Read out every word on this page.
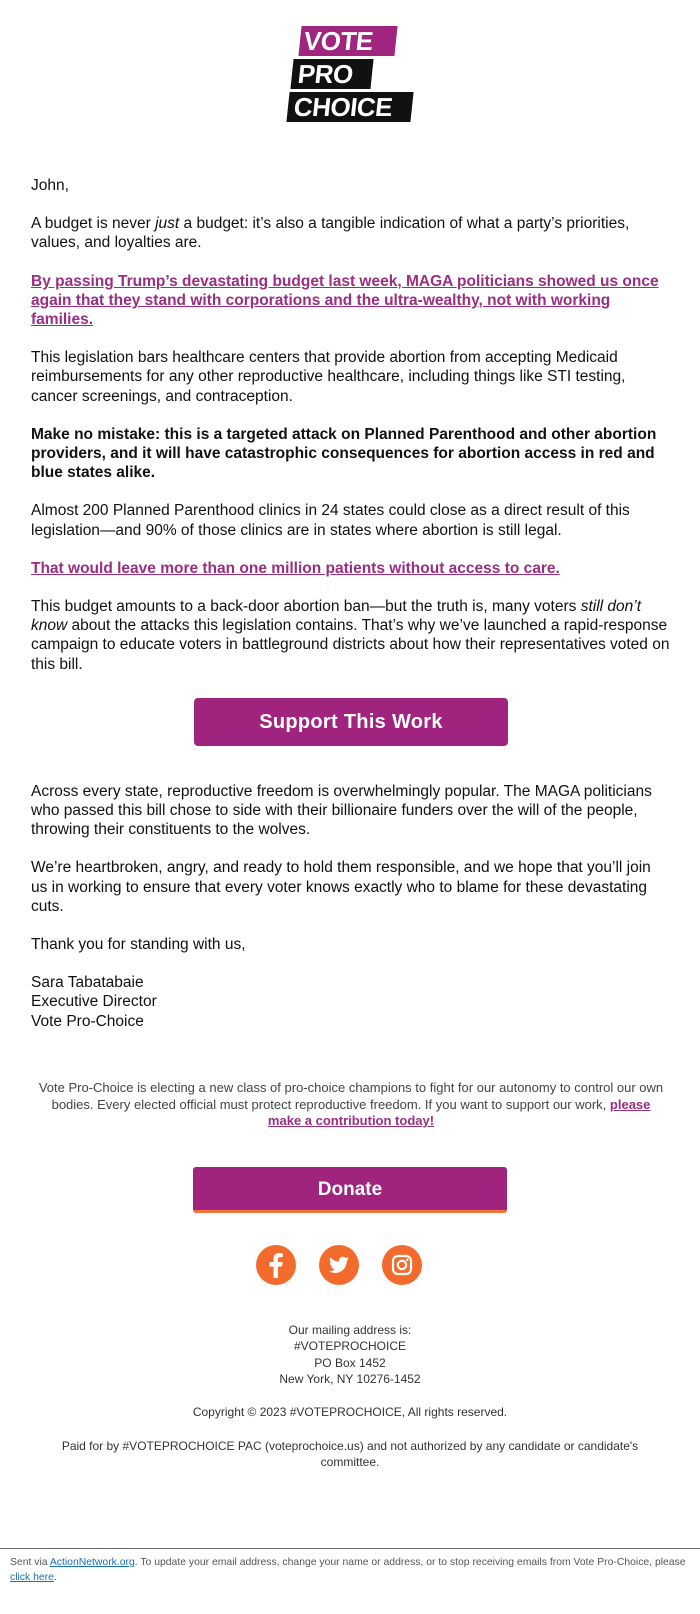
VOTE
PRO
CHOICE

John,

A budget is never just a budget: it’s also a tangible indication of what a party’s priorities, values, and loyalties are.

By passing Trump’s devastating budget last week, MAGA politicians showed us once again that they stand with corporations and the ultra-wealthy, not with working families.

This legislation bars healthcare centers that provide abortion from accepting Medicaid reimbursements for any other reproductive healthcare, including things like STI testing, cancer screenings, and contraception.

Make no mistake: this is a targeted attack on Planned Parenthood and other abortion providers, and it will have catastrophic consequences for abortion access in red and blue states alike.

Almost 200 Planned Parenthood clinics in 24 states could close as a direct result of this legislation—and 90% of those clinics are in states where abortion is still legal.

That would leave more than one million patients without access to care.

This budget amounts to a back-door abortion ban—but the truth is, many voters still don’t know about the attacks this legislation contains. That’s why we’ve launched a rapid-response campaign to educate voters in battleground districts about how their representatives voted on this bill.

Support This Work

Across every state, reproductive freedom is overwhelmingly popular. The MAGA politicians who passed this bill chose to side with their billionaire funders over the will of the people, throwing their constituents to the wolves.

We’re heartbroken, angry, and ready to hold them responsible, and we hope that you’ll join us in working to ensure that every voter knows exactly who to blame for these devastating cuts.

Thank you for standing with us,

Sara Tabatabaie
Executive Director
Vote Pro-Choice

Vote Pro-Choice is electing a new class of pro-choice champions to fight for our autonomy to control our own bodies. Every elected official must protect reproductive freedom. If you want to support our work, please make a contribution today!
Donate
Our mailing address is:
#VOTEPROCHOICE
PO Box 1452
New York, NY 10276-1452
Copyright © 2023 #VOTEPROCHOICE, All rights reserved.
Paid for by #VOTEPROCHOICE PAC (voteprochoice.us) and not authorized by any candidate or candidate's committee.
Sent via ActionNetwork.org. To update your email address, change your name or address, or to stop receiving emails from Vote Pro-Choice, please click here.
